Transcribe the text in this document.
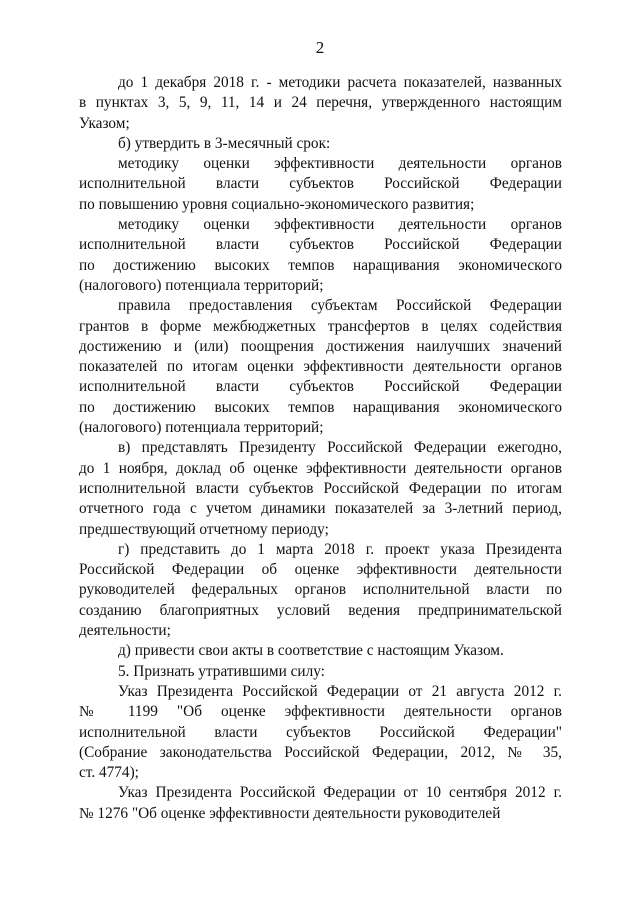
2
до 1 декабря 2018 г. - методики расчета показателей, названных
в пунктах 3, 5, 9, 11, 14 и 24 перечня, утвержденного настоящим
Указом;
б) утвердить в 3-месячный срок:
методику оценки эффективности деятельности органов
исполнительной власти субъектов Российской Федерации
по повышению уровня социально-экономического развития;
методику оценки эффективности деятельности органов
исполнительной власти субъектов Российской Федерации
по достижению высоких темпов наращивания экономического
(налогового) потенциала территорий;
правила предоставления субъектам Российской Федерации
грантов в форме межбюджетных трансфертов в целях содействия
достижению и (или) поощрения достижения наилучших значений
показателей по итогам оценки эффективности деятельности органов
исполнительной власти субъектов Российской Федерации
по достижению высоких темпов наращивания экономического
(налогового) потенциала территорий;
в) представлять Президенту Российской Федерации ежегодно,
до 1 ноября, доклад об оценке эффективности деятельности органов
исполнительной власти субъектов Российской Федерации по итогам
отчетного года с учетом динамики показателей за 3-летний период,
предшествующий отчетному периоду;
г) представить до 1 марта 2018 г. проект указа Президента
Российской Федерации об оценке эффективности деятельности
руководителей федеральных органов исполнительной власти по
созданию благоприятных условий ведения предпринимательской
деятельности;
д) привести свои акты в соответствие с настоящим Указом.
5. Признать утратившими силу:
Указ Президента Российской Федерации от 21 августа 2012 г.
№ 1199 "Об оценке эффективности деятельности органов
исполнительной власти субъектов Российской Федерации"
(Собрание законодательства Российской Федерации, 2012, № 35,
ст. 4774);
Указ Президента Российской Федерации от 10 сентября 2012 г.
№ 1276 "Об оценке эффективности деятельности руководителей
